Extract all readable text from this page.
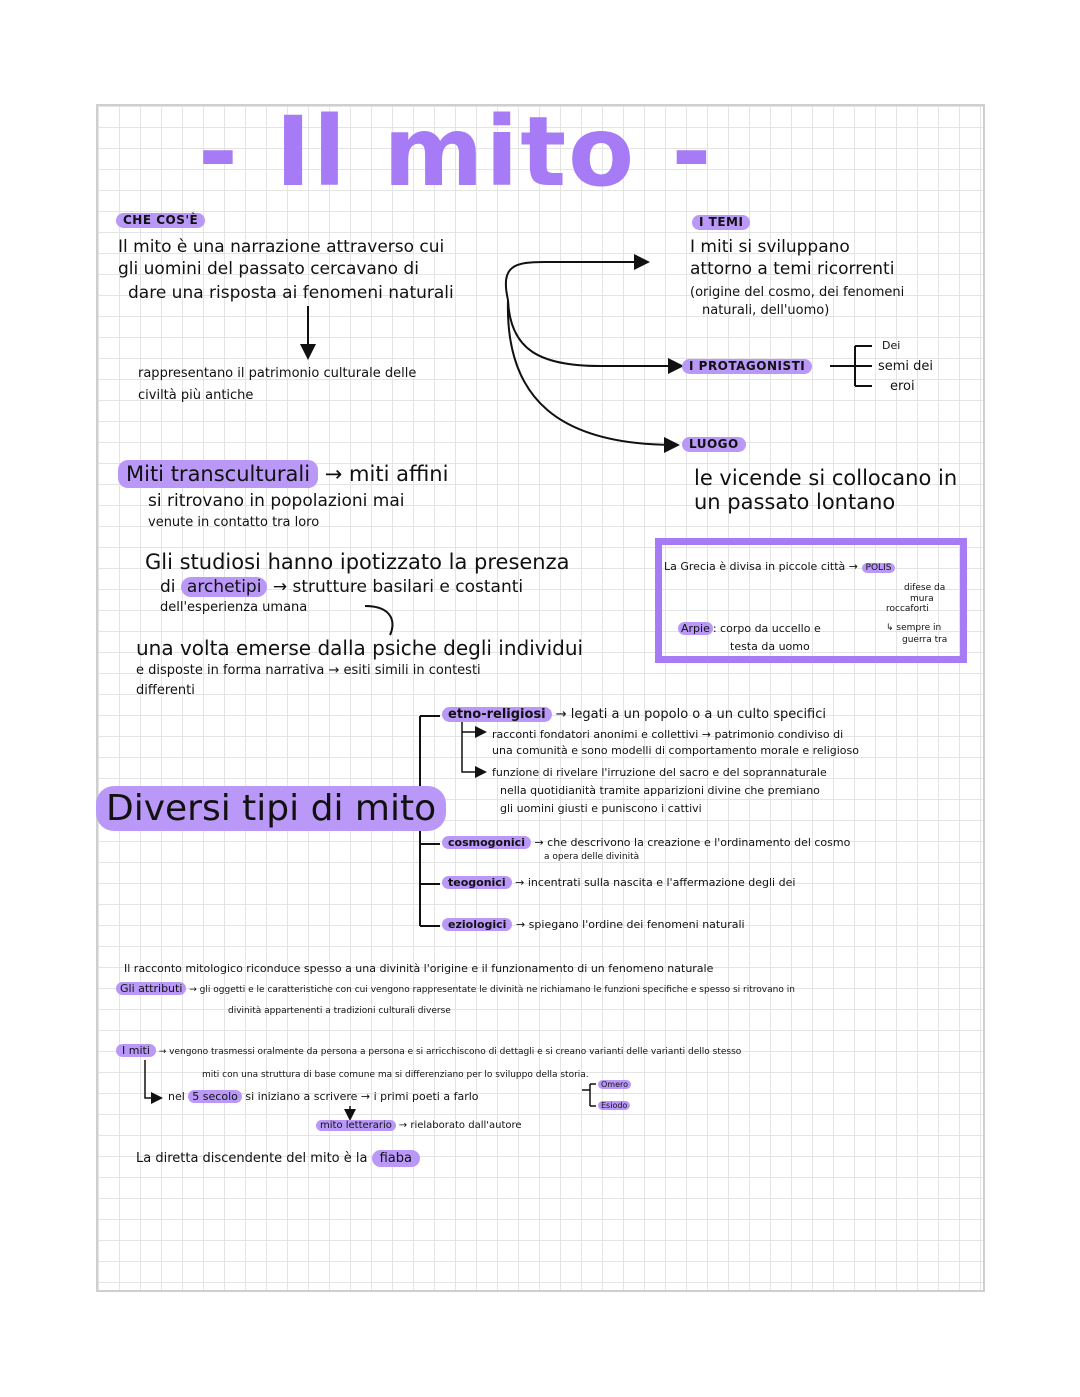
- Il mito -
CHE COS'È
Il mito è una narrazione attraverso cui
gli uomini del passato cercavano di
dare una risposta ai fenomeni naturali
rappresentano il patrimonio culturale delle
civiltà più antiche
I TEMI
I miti si sviluppano
attorno a temi ricorrenti
(origine del cosmo, dei fenomeni
naturali, dell'uomo)
I PROTAGONISTI
Dei
semi dei
eroi
LUOGO
le vicende si collocano in
un passato lontano
Miti transculturali → miti affini
si ritrovano in popolazioni mai
venute in contatto tra loro
Gli studiosi hanno ipotizzato la presenza
di archetipi → strutture basilari e costanti
dell'esperienza umana
una volta emerse dalla psiche degli individui
e disposte in forma narrativa → esiti simili in contesti
differenti
La Grecia è divisa in piccole città → POLIS
difese da
mura
roccaforti
↳ sempre in
guerra tra
Arpie : corpo da uccello e
testa da uomo
Diversi tipi di mito
etno-religiosi → legati a un popolo o a un culto specifici
racconti fondatori anonimi e collettivi → patrimonio condiviso di
una comunità e sono modelli di comportamento morale e religioso
funzione di rivelare l'irruzione del sacro e del soprannaturale
nella quotidianità tramite apparizioni divine che premiano
gli uomini giusti e puniscono i cattivi
cosmogonici → che descrivono la creazione e l'ordinamento del cosmo
a opera delle divinità
teogonici → incentrati sulla nascita e l'affermazione degli dei
eziologici → spiegano l'ordine dei fenomeni naturali
Il racconto mitologico riconduce spesso a una divinità l'origine e il funzionamento di un fenomeno naturale
Gli attributi → gli oggetti e le caratteristiche con cui vengono rappresentate le divinità ne richiamano le funzioni specifiche e spesso si ritrovano in
divinità appartenenti a tradizioni culturali diverse
I miti → vengono trasmessi oralmente da persona a persona e si arricchiscono di dettagli e si creano varianti delle varianti dello stesso
miti con una struttura di base comune ma si differenziano per lo sviluppo della storia.
nel 5 secolo si iniziano a scrivere → i primi poeti a farlo
Omero
Esiodo
mito letterario → rielaborato dall'autore
La diretta discendente del mito è la fiaba
